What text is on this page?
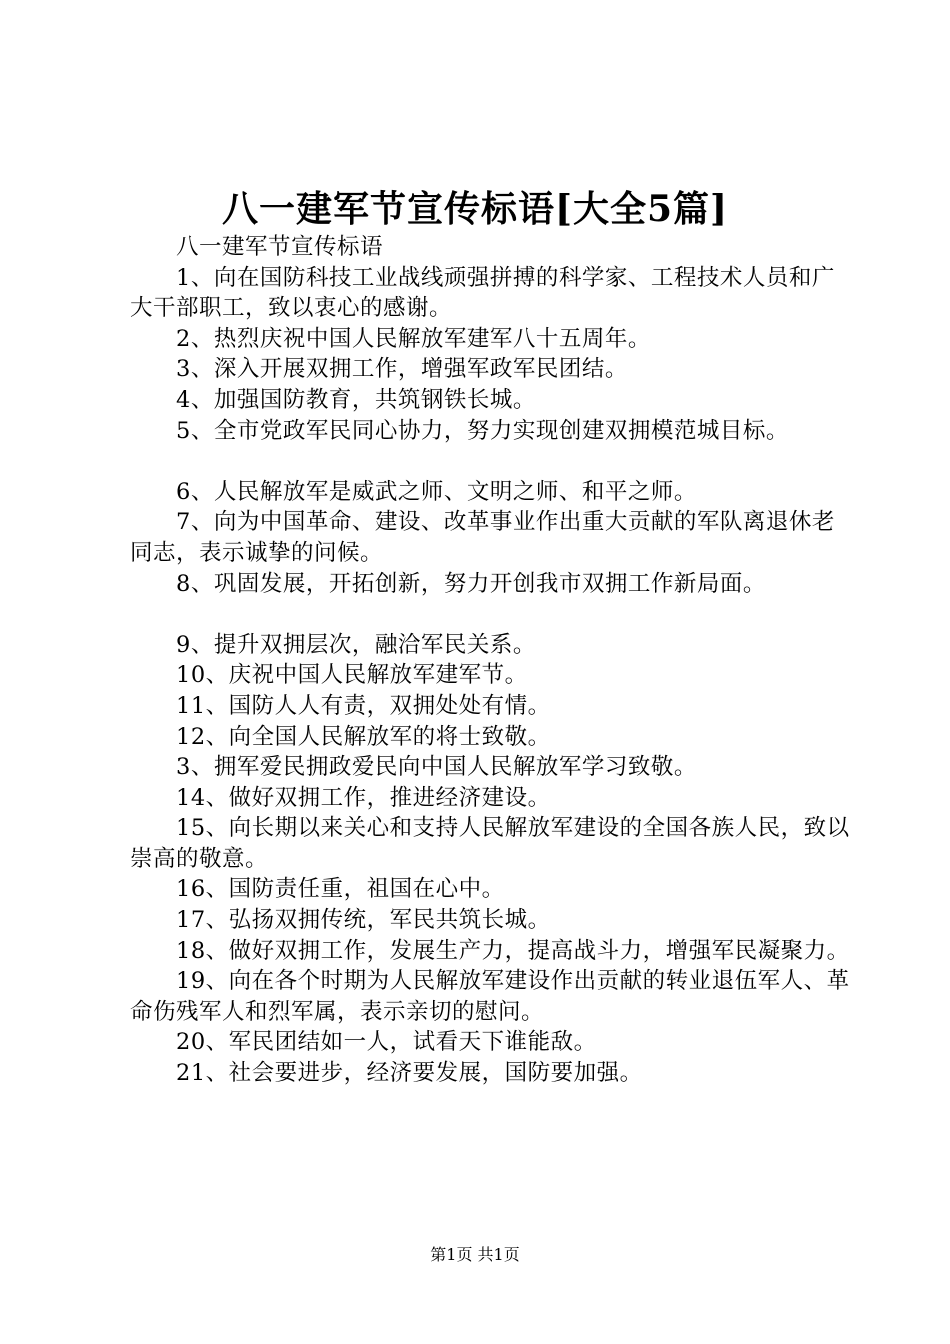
八一建军节宣传标语[大全5篇]

八一建军节宣传标语

1、向在国防科技工业战线顽强拼搏的科学家、工程技术人员和广大干部职工，致以衷心的感谢。

2、热烈庆祝中国人民解放军建军八十五周年。

3、深入开展双拥工作，增强军政军民团结。

4、加强国防教育，共筑钢铁长城。

5、全市党政军民同心协力，努力实现创建双拥模范城目标。

6、人民解放军是威武之师、文明之师、和平之师。

7、向为中国革命、建设、改革事业作出重大贡献的军队离退休老同志，表示诚挚的问候。

8、巩固发展，开拓创新，努力开创我市双拥工作新局面。

9、提升双拥层次，融洽军民关系。

10、庆祝中国人民解放军建军节。

11、国防人人有责，双拥处处有情。

12、向全国人民解放军的将士致敬。

3、拥军爱民拥政爱民向中国人民解放军学习致敬。

14、做好双拥工作，推进经济建设。

15、向长期以来关心和支持人民解放军建设的全国各族人民，致以崇高的敬意。

16、国防责任重，祖国在心中。

17、弘扬双拥传统，军民共筑长城。

18、做好双拥工作，发展生产力，提高战斗力，增强军民凝聚力。

19、向在各个时期为人民解放军建设作出贡献的转业退伍军人、革命伤残军人和烈军属，表示亲切的慰问。

20、军民团结如一人，试看天下谁能敌。

21、社会要进步，经济要发展，国防要加强。

第1页 共1页
